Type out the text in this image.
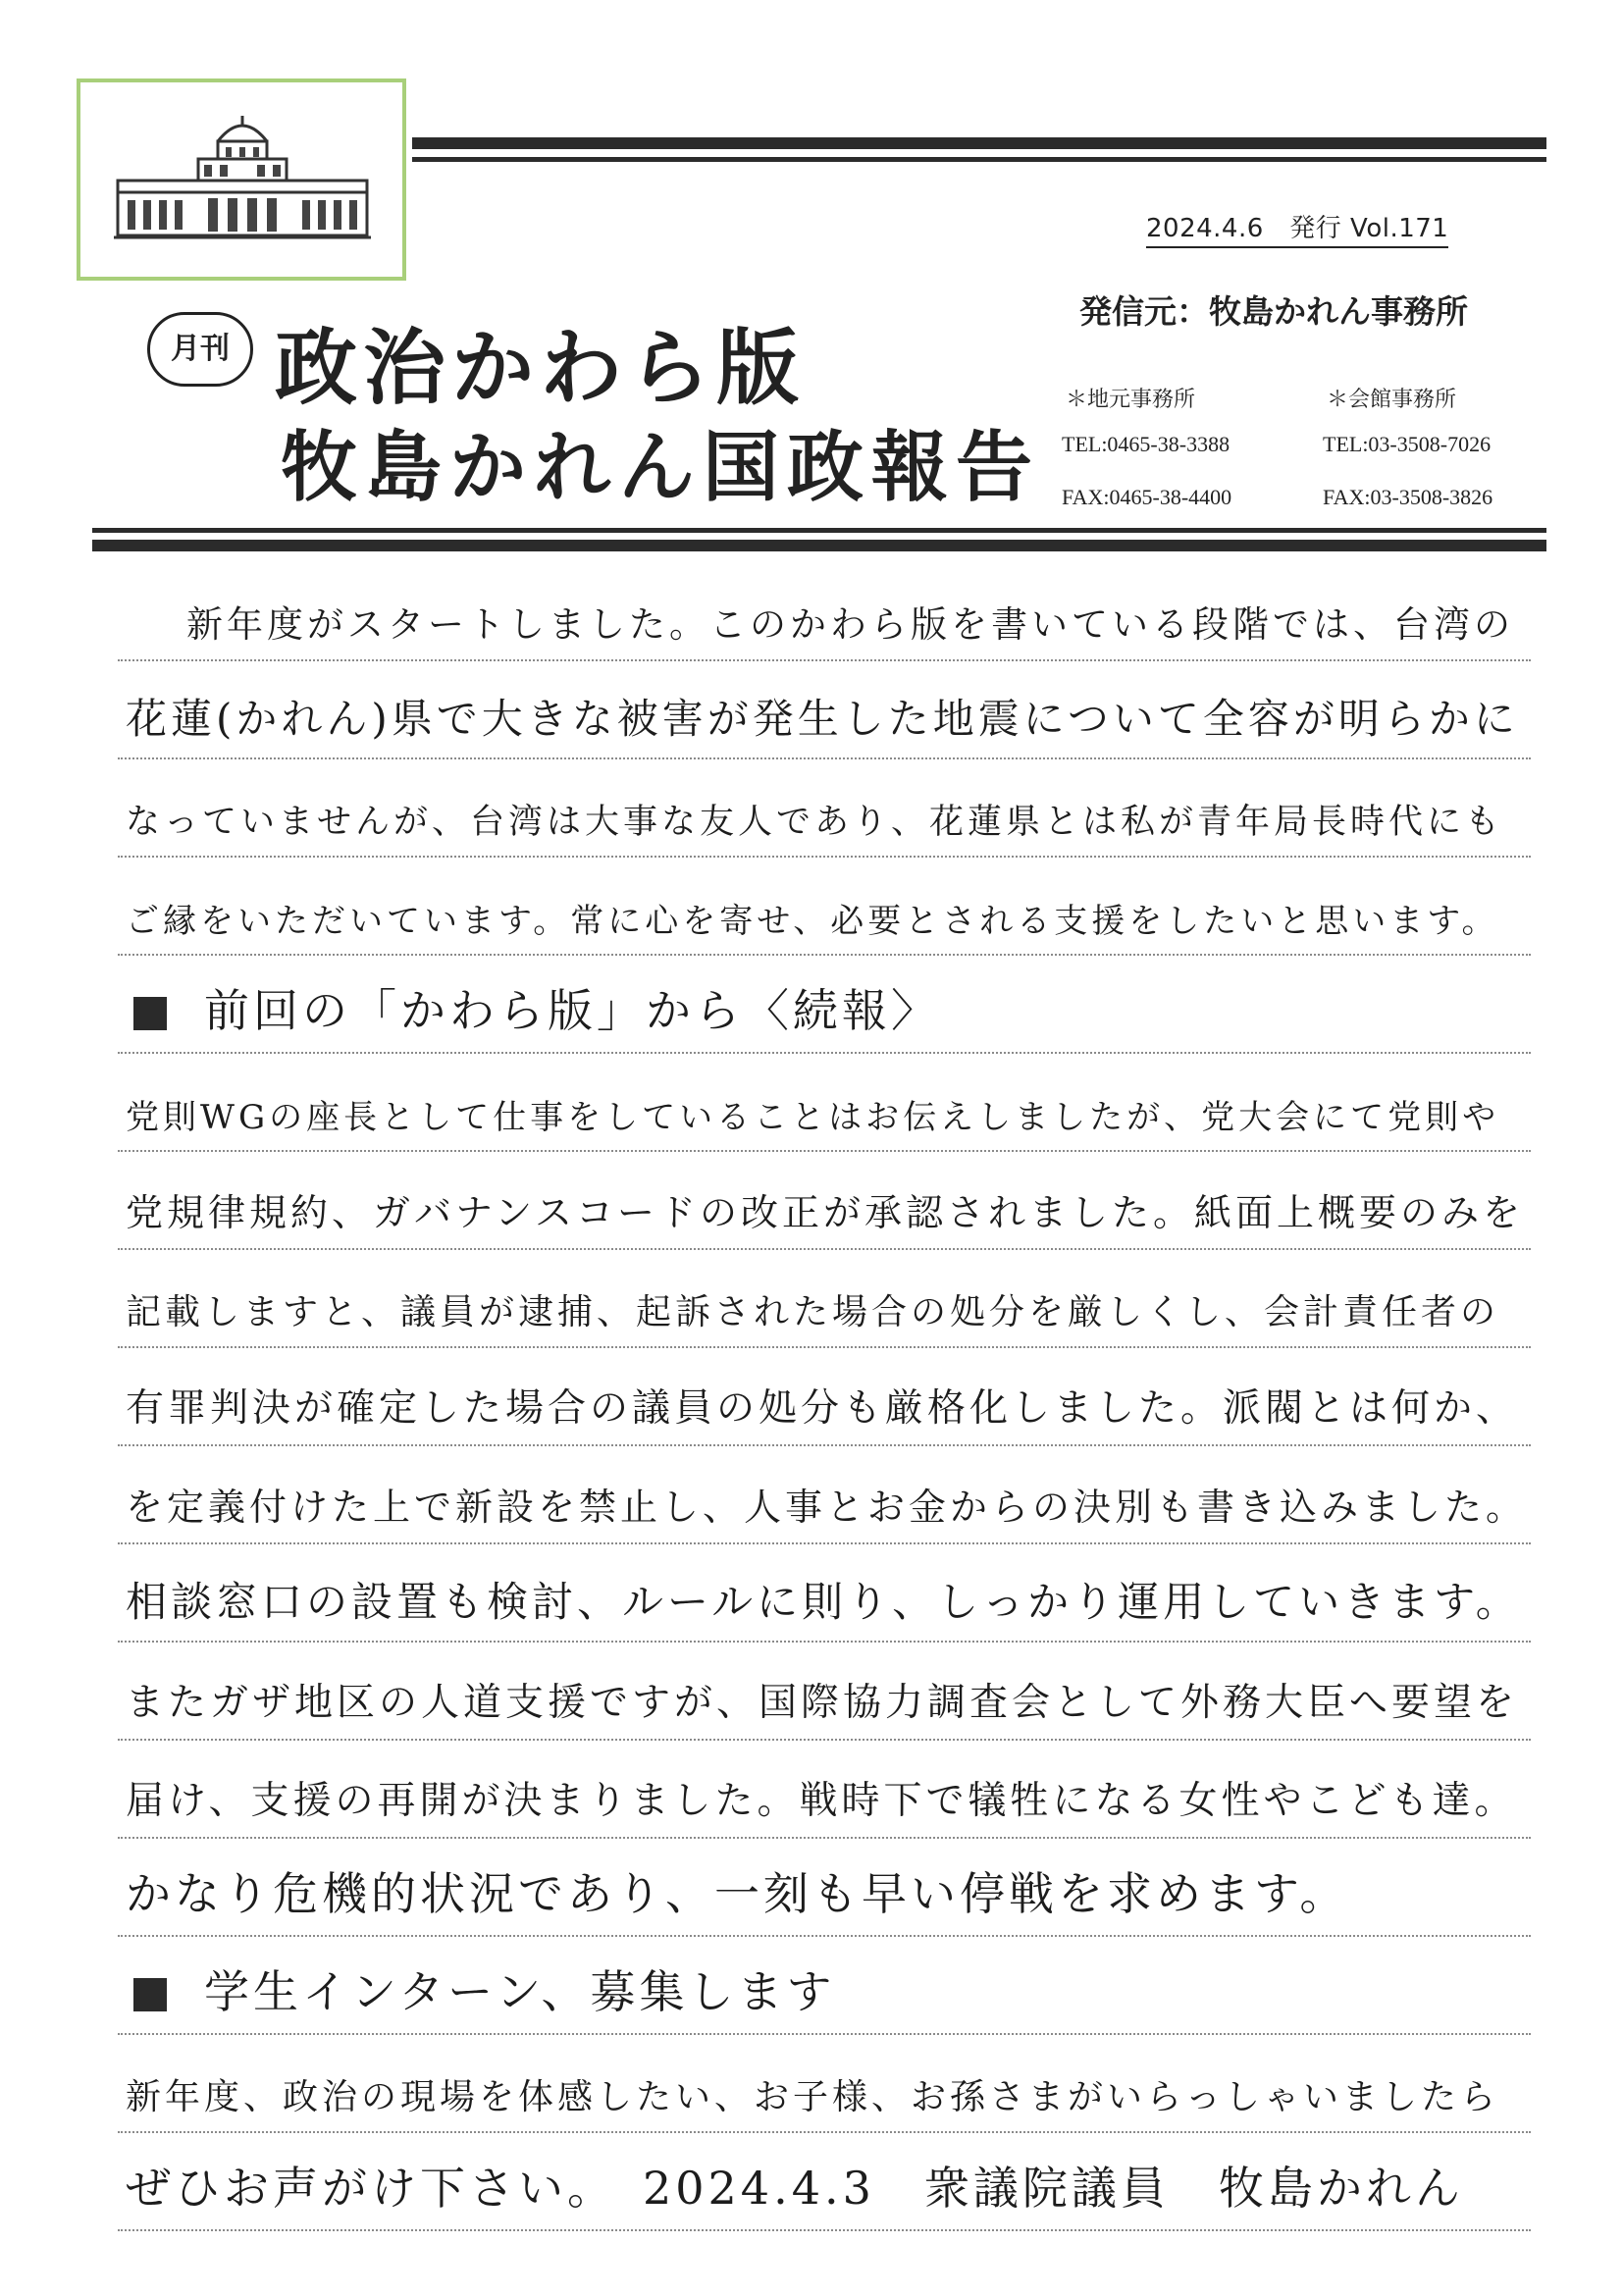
2024.4.6　発行 Vol.171
発信元：牧島かれん事務所
月刊 政治かわら版
牧島かれん国政報告
＊地元事務所
TEL:0465-38-3388
FAX:0465-38-4400
＊会館事務所
TEL:03-3508-7026
FAX:03-3508-3826
新年度がスタートしました。このかわら版を書いている段階では、台湾の
花蓮(かれん)県で大きな被害が発生した地震について全容が明らかに
なっていませんが、台湾は大事な友人であり、花蓮県とは私が青年局長時代にも
ご縁をいただいています。常に心を寄せ、必要とされる支援をしたいと思います。
前回の「かわら版」から〈続報〉
党則WGの座長として仕事をしていることはお伝えしましたが、党大会にて党則や
党規律規約、ガバナンスコードの改正が承認されました。紙面上概要のみを
記載しますと、議員が逮捕、起訴された場合の処分を厳しくし、会計責任者の
有罪判決が確定した場合の議員の処分も厳格化しました。派閥とは何か、
を定義付けた上で新設を禁止し、人事とお金からの決別も書き込みました。
相談窓口の設置も検討、ルールに則り、しっかり運用していきます。
またガザ地区の人道支援ですが、国際協力調査会として外務大臣へ要望を
届け、支援の再開が決まりました。戦時下で犠牲になる女性やこども達。
かなり危機的状況であり、一刻も早い停戦を求めます。
学生インターン、募集します
新年度、政治の現場を体感したい、お子様、お孫さまがいらっしゃいましたら
ぜひお声がけ下さい。　2024.4.3　衆議院議員　牧島かれん
